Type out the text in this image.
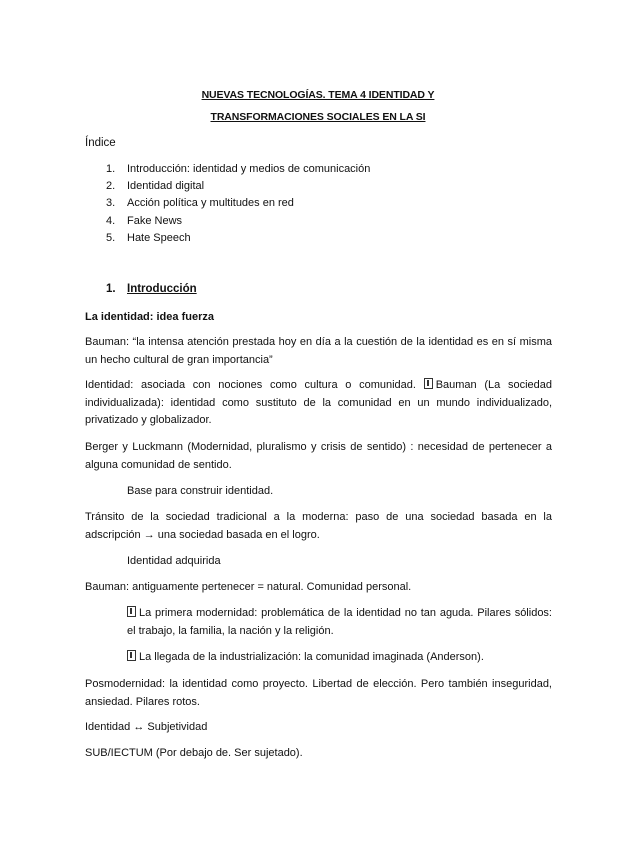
NUEVAS TECNOLOGÍAS. TEMA 4 IDENTIDAD Y
TRANSFORMACIONES SOCIALES EN LA SI
Índice
1. Introducción: identidad y medios de comunicación
2. Identidad digital
3. Acción política y multitudes en red
4. Fake News
5. Hate Speech
1. Introducción

La identidad: idea fuerza

Bauman: “la intensa atención prestada hoy en día a la cuestión de la identidad es en sí misma un hecho cultural de gran importancia”

Identidad: asociada con nociones como cultura o comunidad. Bauman (La sociedad individualizada): identidad como sustituto de la comunidad en un mundo individualizado, privatizado y globalizador.

Berger y Luckmann (Modernidad, pluralismo y crisis de sentido) : necesidad de pertenecer a alguna comunidad de sentido.

Base para construir identidad.

Tránsito de la sociedad tradicional a la moderna: paso de una sociedad basada en la adscripción → una sociedad basada en el logro.

Identidad adquirida

Bauman: antiguamente pertenecer = natural. Comunidad personal.

La primera modernidad: problemática de la identidad no tan aguda. Pilares sólidos: el trabajo, la familia, la nación y la religión.

La llegada de la industrialización: la comunidad imaginada (Anderson).

Posmodernidad: la identidad como proyecto. Libertad de elección. Pero también inseguridad, ansiedad. Pilares rotos.

Identidad ↔ Subjetividad

SUB/IECTUM (Por debajo de. Ser sujetado).
